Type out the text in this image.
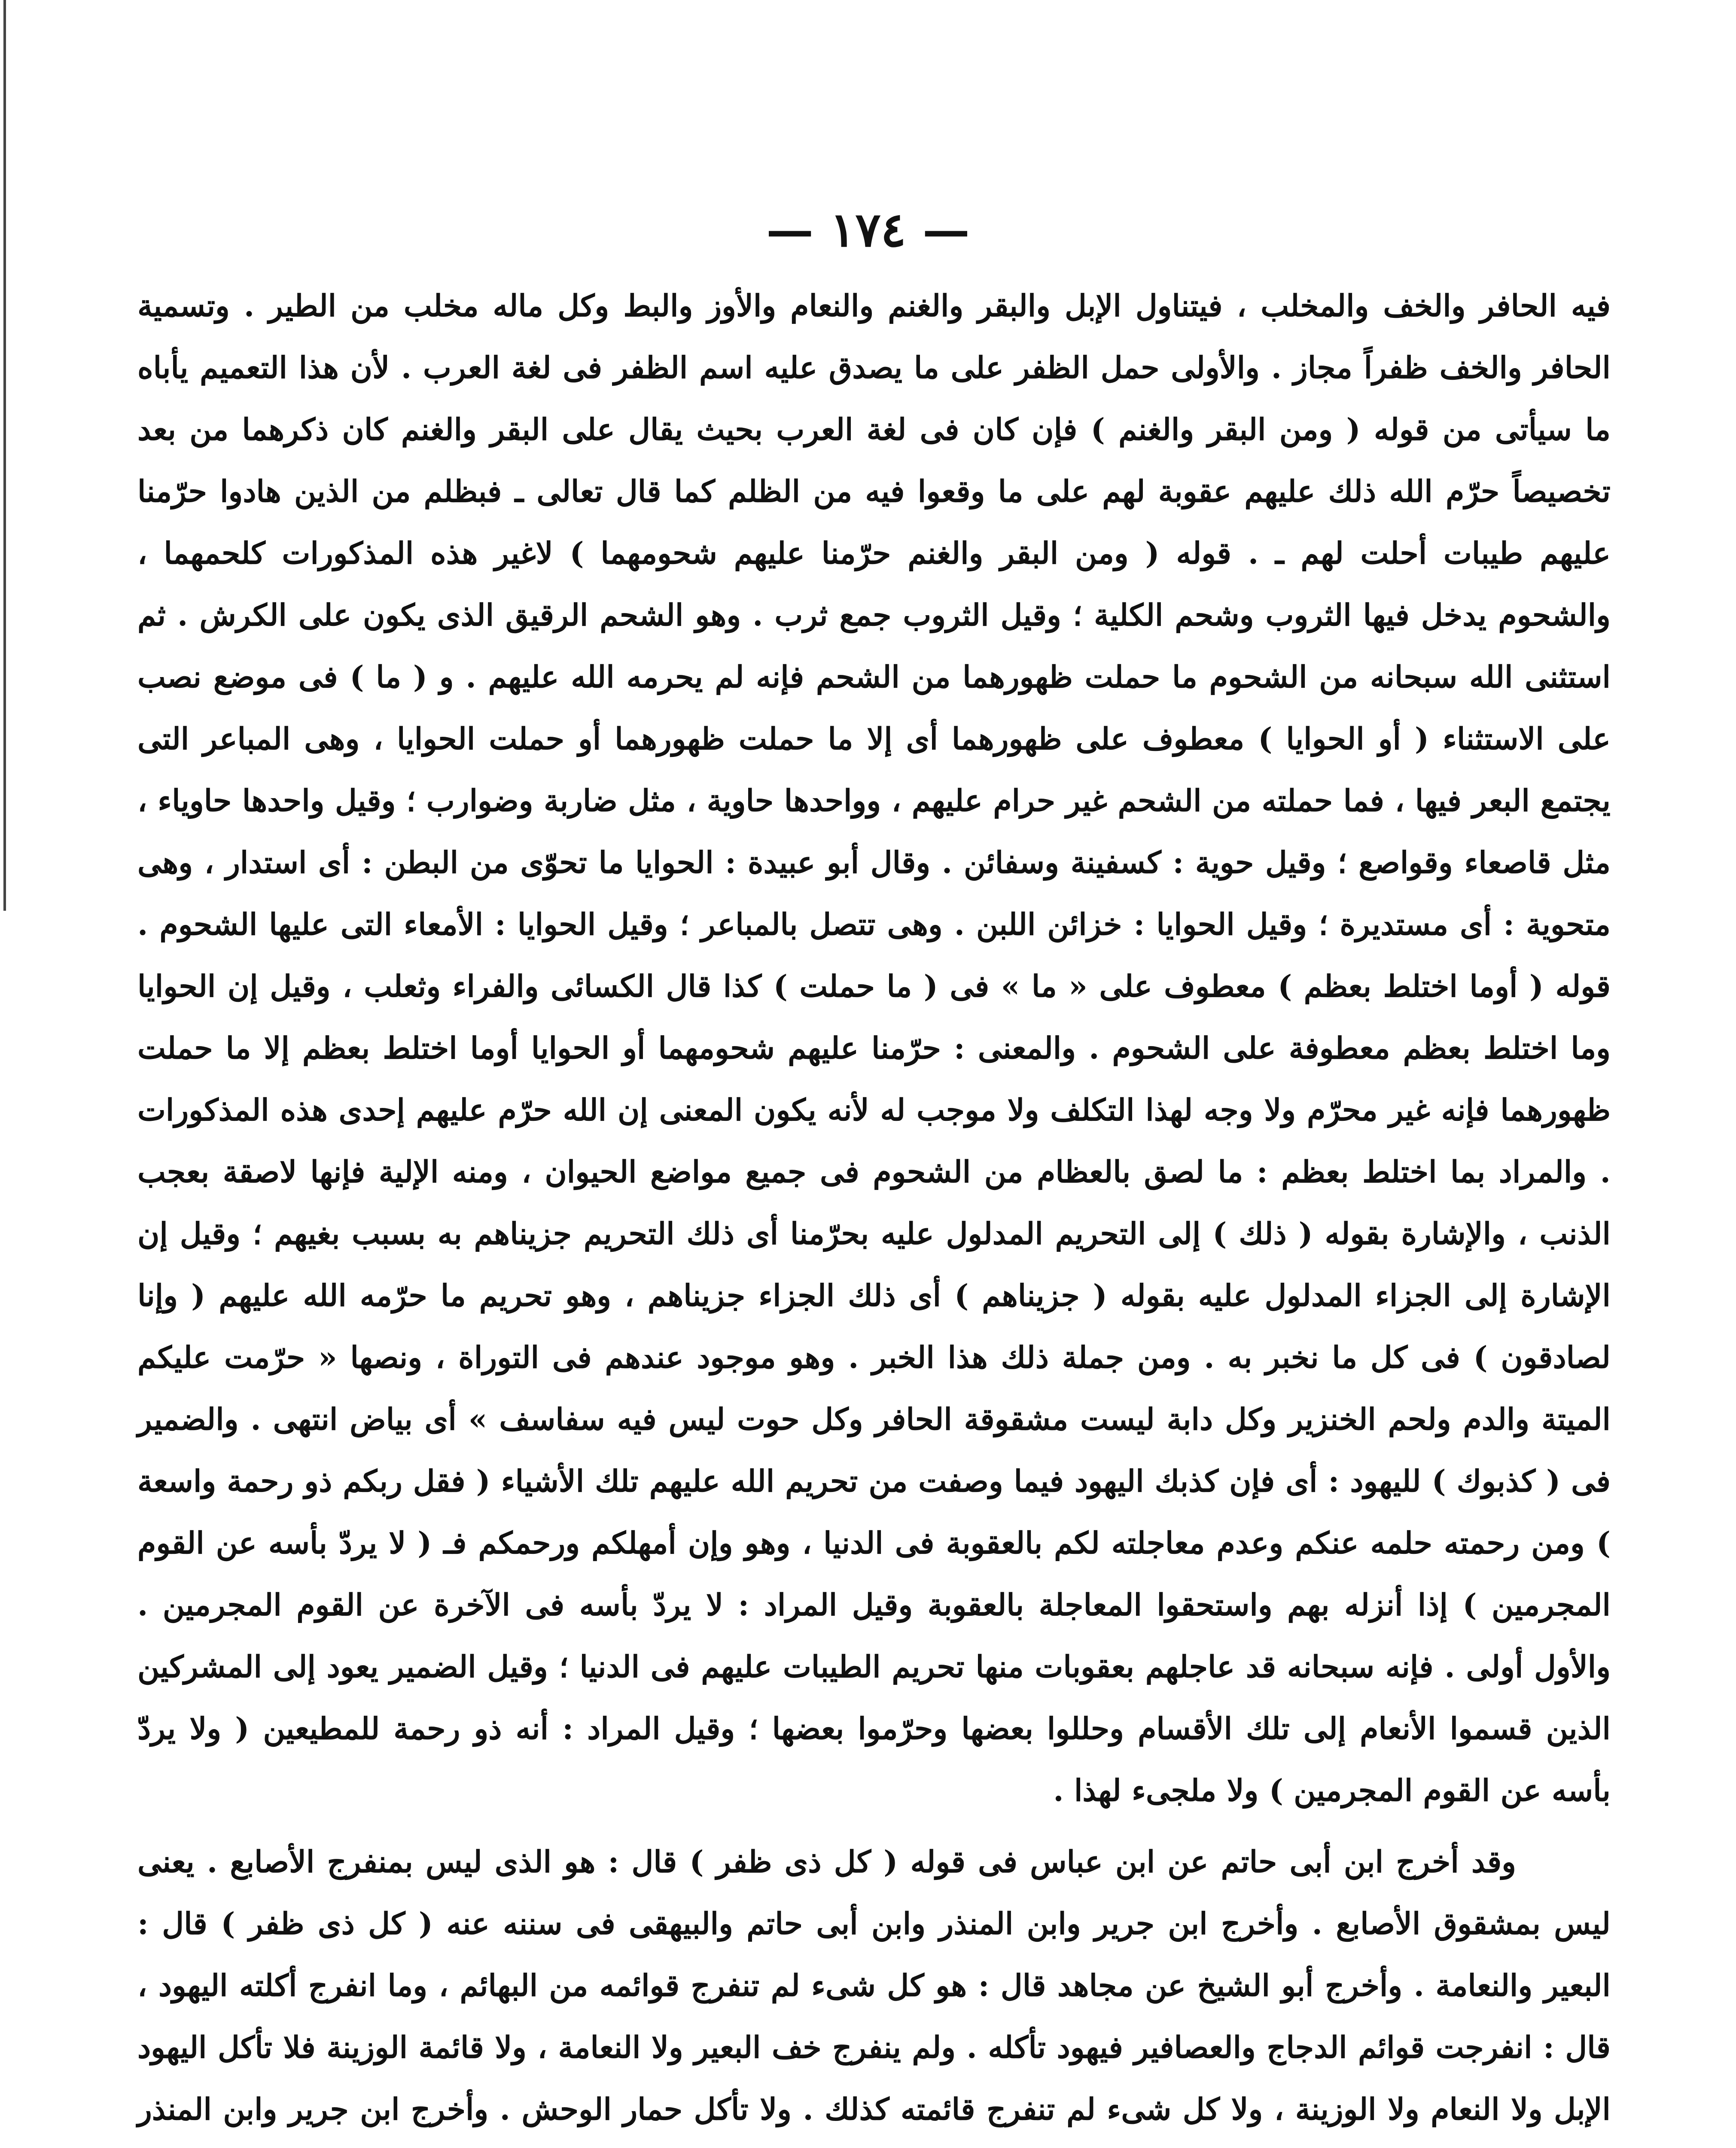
— ١٧٤ —

فيه الحافر والخف والمخلب ، فيتناول الإبل والبقر والغنم والنعام والأوز والبط وكل ماله مخلب من الطير . وتسمية الحافر والخف ظفراً مجاز . والأولى حمل الظفر على ما يصدق عليه اسم الظفر فى لغة العرب . لأن هذا التعميم يأباه ما سيأتى من قوله ( ومن البقر والغنم ) فإن كان فى لغة العرب بحيث يقال على البقر والغنم كان ذكرهما من بعد تخصيصاً حرّم الله ذلك عليهم عقوبة لهم على ما وقعوا فيه من الظلم كما قال تعالى ـ فبظلم من الذين هادوا حرّمنا عليهم طيبات أحلت لهم ـ . قوله ( ومن البقر والغنم حرّمنا عليهم شحومهما ) لاغير هذه المذكورات كلحمهما ، والشحوم يدخل فيها الثروب وشحم الكلية ؛ وقيل الثروب جمع ثرب . وهو الشحم الرقيق الذى يكون على الكرش . ثم استثنى الله سبحانه من الشحوم ما حملت ظهورهما من الشحم فإنه لم يحرمه الله عليهم . و ( ما ) فى موضع نصب على الاستثناء ( أو الحوايا ) معطوف على ظهورهما أى إلا ما حملت ظهورهما أو حملت الحوايا ، وهى المباعر التى يجتمع البعر فيها ، فما حملته من الشحم غير حرام عليهم ، وواحدها حاوية ، مثل ضاربة وضوارب ؛ وقيل واحدها حاوياء ، مثل قاصعاء وقواصع ؛ وقيل حوية : كسفينة وسفائن . وقال أبو عبيدة : الحوايا ما تحوّى من البطن : أى استدار ، وهى متحوية : أى مستديرة ؛ وقيل الحوايا : خزائن اللبن . وهى تتصل بالمباعر ؛ وقيل الحوايا : الأمعاء التى عليها الشحوم . قوله ( أوما اختلط بعظم ) معطوف على « ما » فى ( ما حملت ) كذا قال الكسائى والفراء وثعلب ، وقيل إن الحوايا وما اختلط بعظم معطوفة على الشحوم . والمعنى : حرّمنا عليهم شحومهما أو الحوايا أوما اختلط بعظم إلا ما حملت ظهورهما فإنه غير محرّم ولا وجه لهذا التكلف ولا موجب له لأنه يكون المعنى إن الله حرّم عليهم إحدى هذه المذكورات . والمراد بما اختلط بعظم : ما لصق بالعظام من الشحوم فى جميع مواضع الحيوان ، ومنه الإلية فإنها لاصقة بعجب الذنب ، والإشارة بقوله ( ذلك ) إلى التحريم المدلول عليه بحرّمنا أى ذلك التحريم جزيناهم به بسبب بغيهم ؛ وقيل إن الإشارة إلى الجزاء المدلول عليه بقوله ( جزيناهم ) أى ذلك الجزاء جزيناهم ، وهو تحريم ما حرّمه الله عليهم ( وإنا لصادقون ) فى كل ما نخبر به . ومن جملة ذلك هذا الخبر . وهو موجود عندهم فى التوراة ، ونصها « حرّمت عليكم الميتة والدم ولحم الخنزير وكل دابة ليست مشقوقة الحافر وكل حوت ليس فيه سفاسف » أى بياض انتهى . والضمير فى ( كذبوك ) لليهود : أى فإن كذبك اليهود فيما وصفت من تحريم الله عليهم تلك الأشياء ( فقل ربكم ذو رحمة واسعة ) ومن رحمته حلمه عنكم وعدم معاجلته لكم بالعقوبة فى الدنيا ، وهو وإن أمهلكم ورحمكم فـ ( لا يردّ بأسه عن القوم المجرمين ) إذا أنزله بهم واستحقوا المعاجلة بالعقوبة وقيل المراد : لا يردّ بأسه فى الآخرة عن القوم المجرمين . والأول أولى . فإنه سبحانه قد عاجلهم بعقوبات منها تحريم الطيبات عليهم فى الدنيا ؛ وقيل الضمير يعود إلى المشركين الذين قسموا الأنعام إلى تلك الأقسام وحللوا بعضها وحرّموا بعضها ؛ وقيل المراد : أنه ذو رحمة للمطيعين ( ولا يردّ بأسه عن القوم المجرمين ) ولا ملجىء لهذا .

وقد أخرج ابن أبى حاتم عن ابن عباس فى قوله ( كل ذى ظفر ) قال : هو الذى ليس بمنفرج الأصابع . يعنى ليس بمشقوق الأصابع . وأخرج ابن جرير وابن المنذر وابن أبى حاتم والبيهقى فى سننه عنه ( كل ذى ظفر ) قال : البعير والنعامة . وأخرج أبو الشيخ عن مجاهد قال : هو كل شىء لم تنفرج قوائمه من البهائم ، وما انفرج أكلته اليهود ، قال : انفرجت قوائم الدجاج والعصافير فيهود تأكله . ولم ينفرج خف البعير ولا النعامة ، ولا قائمة الوزينة فلا تأكل اليهود الإبل ولا النعام ولا الوزينة ، ولا كل شىء لم تنفرج قائمته كذلك . ولا تأكل حمار الوحش . وأخرج ابن جرير وابن المنذر
